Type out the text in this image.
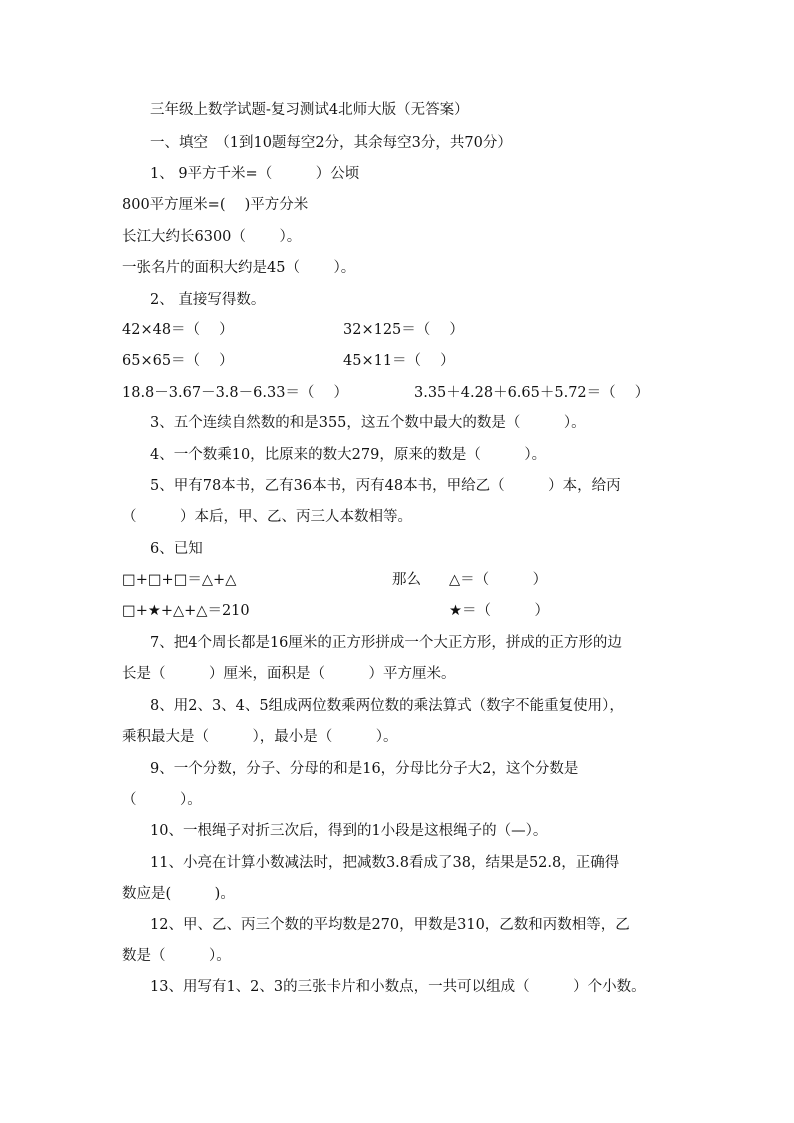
三年级上数学试题-复习测试4北师大版（无答案）
一、填空　（1到10题每空2分，其余每空3分，共70分）
1、 9平方千米=（　　　）公顷
800平方厘米=(　 )平方分米
长江大约长6300（　　 ）。
一张名片的面积大约是45（　　 ）。
2、 直接写得数。
42×48＝（　 ）	32×125＝（　 ）
65×65＝（　 ）	45×11＝（　 ）
18.8－3.67－3.8－6.33＝（　 ）	3.35＋4.28＋6.65＋5.72＝（　 ）
3、五个连续自然数的和是355，这五个数中最大的数是（　　　）。
4、一个数乘10，比原来的数大279，原来的数是（　　　）。
5、甲有78本书，乙有36本书，丙有48本书，甲给乙（　　　）本，给丙
（　　　）本后，甲、乙、丙三人本数相等。
6、已知
□+□+□＝△+△	那么 △＝（　　　）
□+★+△+△＝210	★＝（　　　）
7、把4个周长都是16厘米的正方形拼成一个大正方形，拼成的正方形的边
长是（　　　）厘米，面积是（　　　）平方厘米。
8、用2、3、4、5组成两位数乘两位数的乘法算式（数字不能重复使用），
乘积最大是（　　　），最小是（　　　）。
9、一个分数，分子、分母的和是16，分母比分子大2，这个分数是
（　　　）。
10、一根绳子对折三次后，得到的1小段是这根绳子的（—）。
11、小亮在计算小数减法时，把减数3.8看成了38，结果是52.8，正确得
数应是(　　　)。
12、甲、乙、丙三个数的平均数是270，甲数是310，乙数和丙数相等，乙
数是（　　　）。
13、用写有1、2、3的三张卡片和小数点，一共可以组成（　　　）个小数。
